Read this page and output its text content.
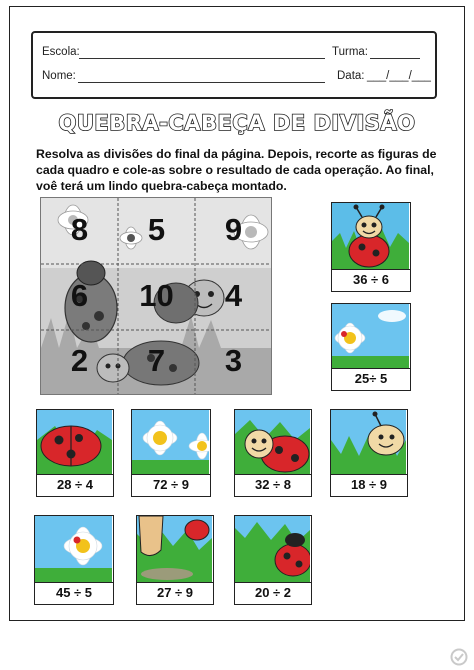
Escola:	Turma:
Nome:	Data: ___/___/___
QUEBRA-CABEÇA DE DIVISÃO
Resolva as divisões do final da página. Depois, recorte as figuras de cada quadro e cole-as sobre o resultado de cada operação. Ao final, voê terá um lindo quebra-cabeça montado.
8	5	9
6	10	4
2	7	3
36 ÷ 6
25÷ 5
28 ÷ 4	72 ÷ 9	32 ÷ 8	18 ÷ 9
45 ÷ 5	27 ÷ 9	20 ÷ 2
